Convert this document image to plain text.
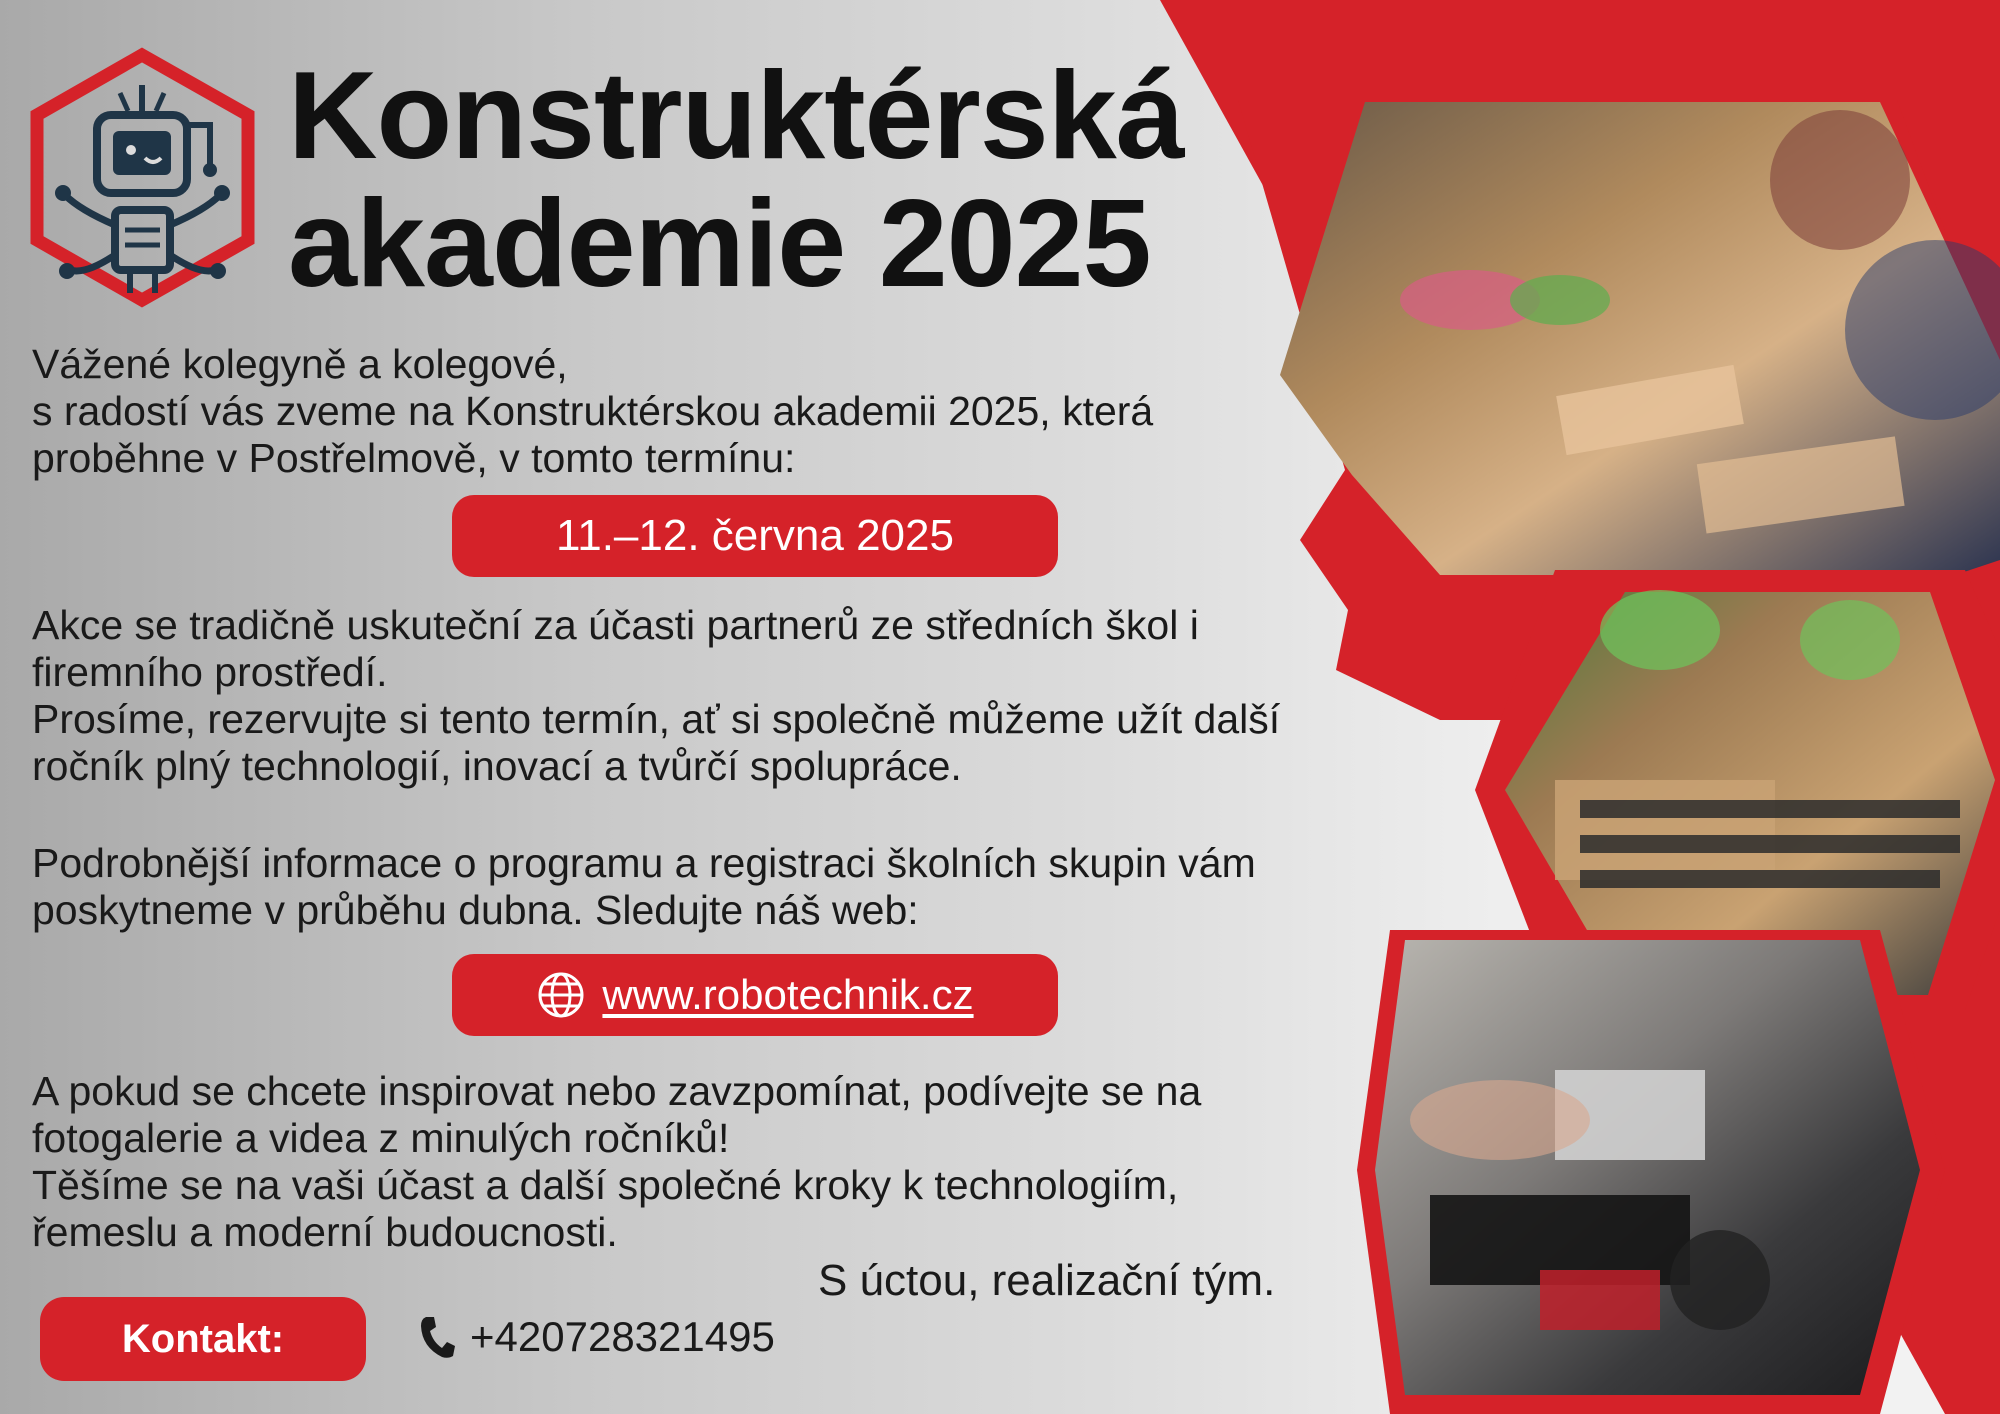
Konstruktérská
akademie 2025

Vážené kolegyně a kolegové,
s radostí vás zveme na Konstruktérskou akademii 2025, která
proběhne v Postřelmově, v tomto termínu:

11.–12. června 2025

Akce se tradičně uskuteční za účasti partnerů ze středních škol i
firemního prostředí.
Prosíme, rezervujte si tento termín, ať si společně můžeme užít další
ročník plný technologií, inovací a tvůrčí spolupráce.

Podrobnější informace o programu a registraci školních skupin vám
poskytneme v průběhu dubna. Sledujte náš web:

www.robotechnik.cz

A pokud se chcete inspirovat nebo zavzpomínat, podívejte se na
fotogalerie a videa z minulých ročníků!
Těšíme se na vaši účast a další společné kroky k technologiím,
řemeslu a moderní budoucnosti.

S úctou, realizační tým.

Kontakt:	+420728321495
